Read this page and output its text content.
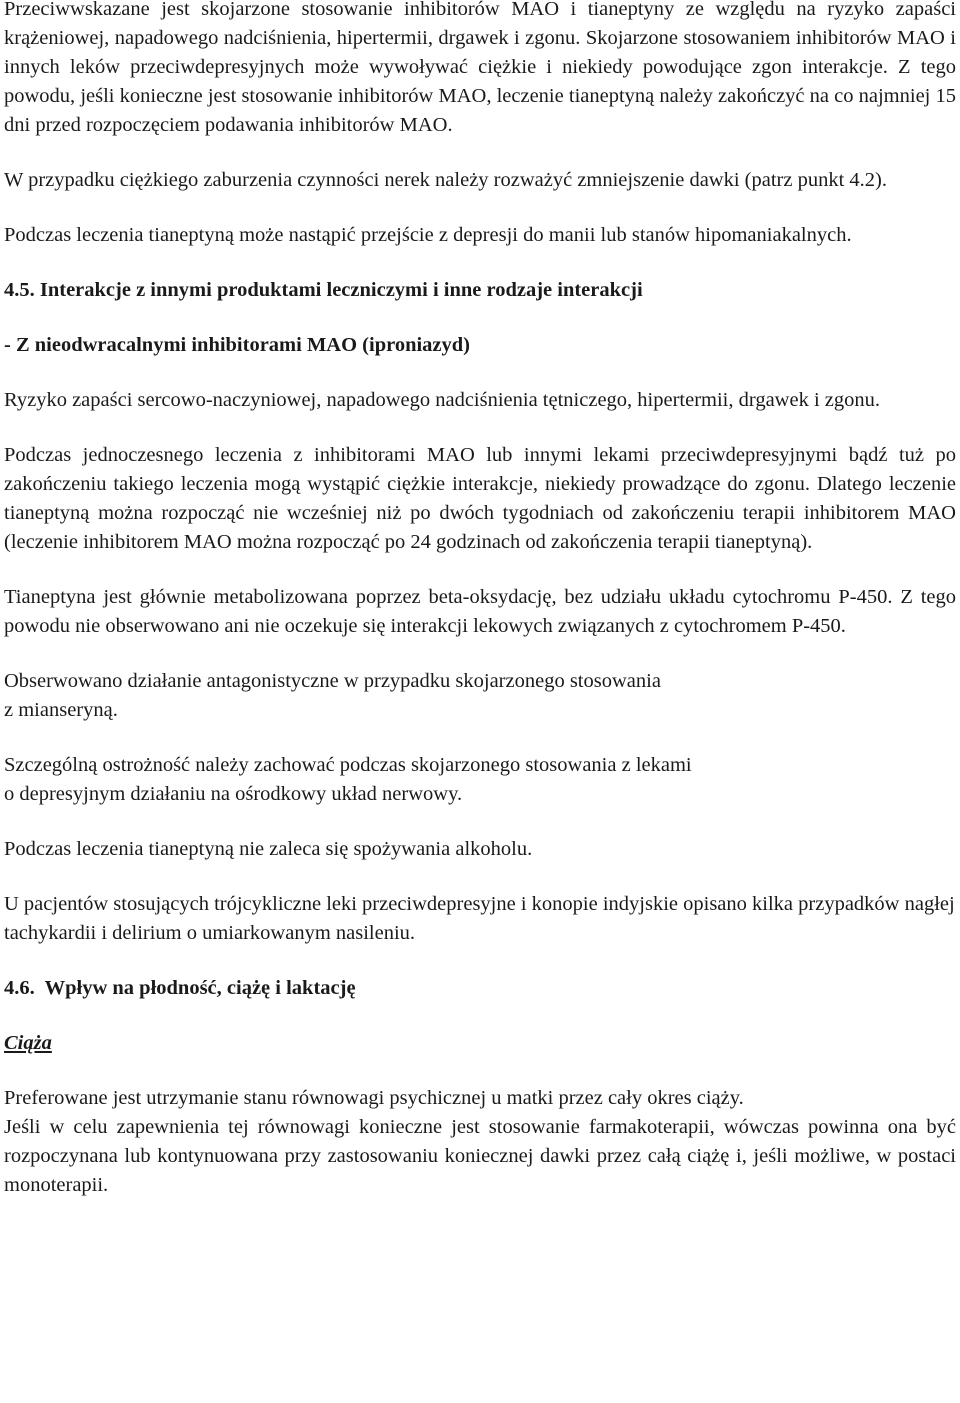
Przeciwwskazane jest skojarzone stosowanie inhibitorów MAO i tianeptyny ze względu na ryzyko zapaści krążeniowej, napadowego nadciśnienia, hipertermii, drgawek i zgonu. Skojarzone stosowaniem inhibitorów MAO i innych leków przeciwdepresyjnych może wywoływać ciężkie i niekiedy powodujące zgon interakcje. Z tego powodu, jeśli konieczne jest stosowanie inhibitorów MAO, leczenie tianeptyną należy zakończyć na co najmniej 15 dni przed rozpoczęciem podawania inhibitorów MAO.

W przypadku ciężkiego zaburzenia czynności nerek należy rozważyć zmniejszenie dawki (patrz punkt 4.2).

Podczas leczenia tianeptyną może nastąpić przejście z depresji do manii lub stanów hipomaniakalnych.

4.5. Interakcje z innymi produktami leczniczymi i inne rodzaje interakcji

- Z nieodwracalnymi inhibitorami MAO (iproniazyd)

Ryzyko zapaści sercowo-naczyniowej, napadowego nadciśnienia tętniczego, hipertermii, drgawek i zgonu.

Podczas jednoczesnego leczenia z inhibitorami MAO lub innymi lekami przeciwdepresyjnymi bądź tuż po zakończeniu takiego leczenia mogą wystąpić ciężkie interakcje, niekiedy prowadzące do zgonu. Dlatego leczenie tianeptyną można rozpocząć nie wcześniej niż po dwóch tygodniach od zakończeniu terapii inhibitorem MAO (leczenie inhibitorem MAO można rozpocząć po 24 godzinach od zakończenia terapii tianeptyną).

Tianeptyna jest głównie metabolizowana poprzez beta-oksydację, bez udziału układu cytochromu P-450. Z tego powodu nie obserwowano ani nie oczekuje się interakcji lekowych związanych z cytochromem P-450.

Obserwowano działanie antagonistyczne w przypadku skojarzonego stosowania

z mianseryną.

Szczególną ostrożność należy zachować podczas skojarzonego stosowania z lekami

o depresyjnym działaniu na ośrodkowy układ nerwowy.

Podczas leczenia tianeptyną nie zaleca się spożywania alkoholu.

U pacjentów stosujących trójcykliczne leki przeciwdepresyjne i konopie indyjskie opisano kilka przypadków nagłej tachykardii i delirium o umiarkowanym nasileniu.

4.6.  Wpływ na płodność, ciążę i laktację

Ciąża

Preferowane jest utrzymanie stanu równowagi psychicznej u matki przez cały okres ciąży.

Jeśli w celu zapewnienia tej równowagi konieczne jest stosowanie farmakoterapii, wówczas powinna ona być rozpoczynana lub kontynuowana przy zastosowaniu koniecznej dawki przez całą ciążę i, jeśli możliwe, w postaci monoterapii.
